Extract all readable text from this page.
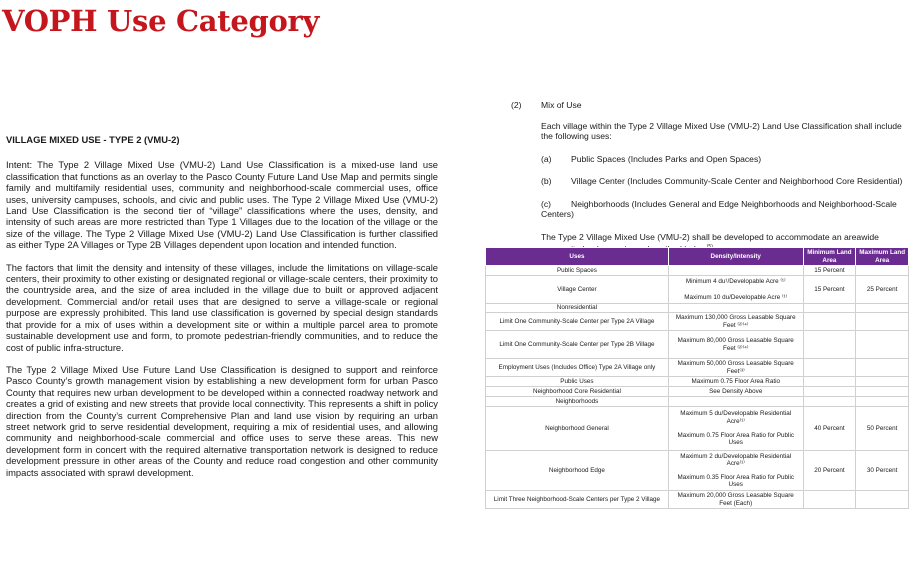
VOPH Use Category
VILLAGE MIXED USE - TYPE 2 (VMU-2)

Intent: The Type 2 Village Mixed Use (VMU-2) Land Use Classification is a mixed-use land use classification that functions as an overlay to the Pasco County Future Land Use Map and permits single family and multifamily residential uses, community and neighborhood-scale commercial uses, office uses, university campuses, schools, and civic and public uses. The Type 2 Village Mixed Use (VMU-2) Land Use Classification is the second tier of “village” classifications where the uses, density, and intensity of such areas are more restricted than Type 1 Villages due to the location of the village or the size of the village. The Type 2 Village Mixed Use (VMU-2) Land Use Classification is further classified as either Type 2A Villages or Type 2B Villages dependent upon location and intended function.

The factors that limit the density and intensity of these villages, include the limitations on village-scale centers, their proximity to other existing or designated regional or village-scale centers, their proximity to the countryside area, and the size of area included in the village due to built or approved adjacent development. Commercial and/or retail uses that are designed to serve a village-scale or regional purpose are expressly prohibited. This land use classification is governed by special design standards that provide for a mix of uses within a development site or within a multiple parcel area to promote sustainable development use and form, to promote pedestrian-friendly communities, and to reduce the cost of public infra-structure.

The Type 2 Village Mixed Use Future Land Use Classification is designed to support and reinforce Pasco County’s growth management vision by establishing a new development form for urban Pasco County that requires new urban development to be developed within a connected roadway network and creates a grid of existing and new streets that provide local connectivity. This represents a shift in policy direction from the County’s current Comprehensive Plan and land use vision by requiring an urban street network grid to serve residential development, requiring a mix of residential uses, and allowing community and neighborhood-scale commercial and office uses to serve these areas. This new development form in concert with the required alternative transportation network is designed to reduce development pressure in other areas of the County and reduce road congestion and other community impacts associated with sprawl development.

(2) Mix of Use
Each village within the Type 2 Village Mixed Use (VMU-2) Land Use Classification shall include the following uses:
(a) Public Spaces (Includes Parks and Open Spaces)
(b) Village Center (Includes Community-Scale Center and Neighborhood Core Residential)
(c) Neighborhoods (Includes General and Edge Neighborhoods and Neighborhood-Scale Centers)
The Type 2 Village Mixed Use (VMU-2) shall be developed to accommodate an areawide
Uses	Density/Intensity	Minimum Land Area	Maximum Land Area
Public Spaces		15 Percent	
Village Center	Minimum 4 du¹/Developable Acre ⁽¹⁾
Maximum 10 du/Developable Acre ⁽¹⁾	15 Percent	25 Percent
Nonresidential			
Limit One Community-Scale Center per Type 2A Village	Maximum 130,000 Gross Leasable Square Feet ⁽²⁾⁽⁴⁾		
Limit One Community-Scale Center per Type 2B Village	Maximum 80,000 Gross Leasable Square Feet ⁽²⁾⁽⁴⁾		
Employment Uses (Includes Office) Type 2A Village only	Maximum 50,000 Gross Leasable Square Feet⁽³⁾		
Public Uses	Maximum 0.75 Floor Area Ratio		
Neighborhood Core Residential	See Density Above		
Neighborhoods			
Neighborhood General	Maximum 5 du/Developable Residential Acre⁽¹⁾
Maximum 0.75 Floor Area Ratio for Public Uses	40 Percent	50 Percent
Neighborhood Edge	Maximum 2 du/Developable Residential Acre⁽¹⁾
Maximum 0.35 Floor Area Ratio for Public Uses	20 Percent	30 Percent
Limit Three Neighborhood-Scale Centers per Type 2 Village	Maximum 20,000 Gross Leasable Square Feet (Each)		
